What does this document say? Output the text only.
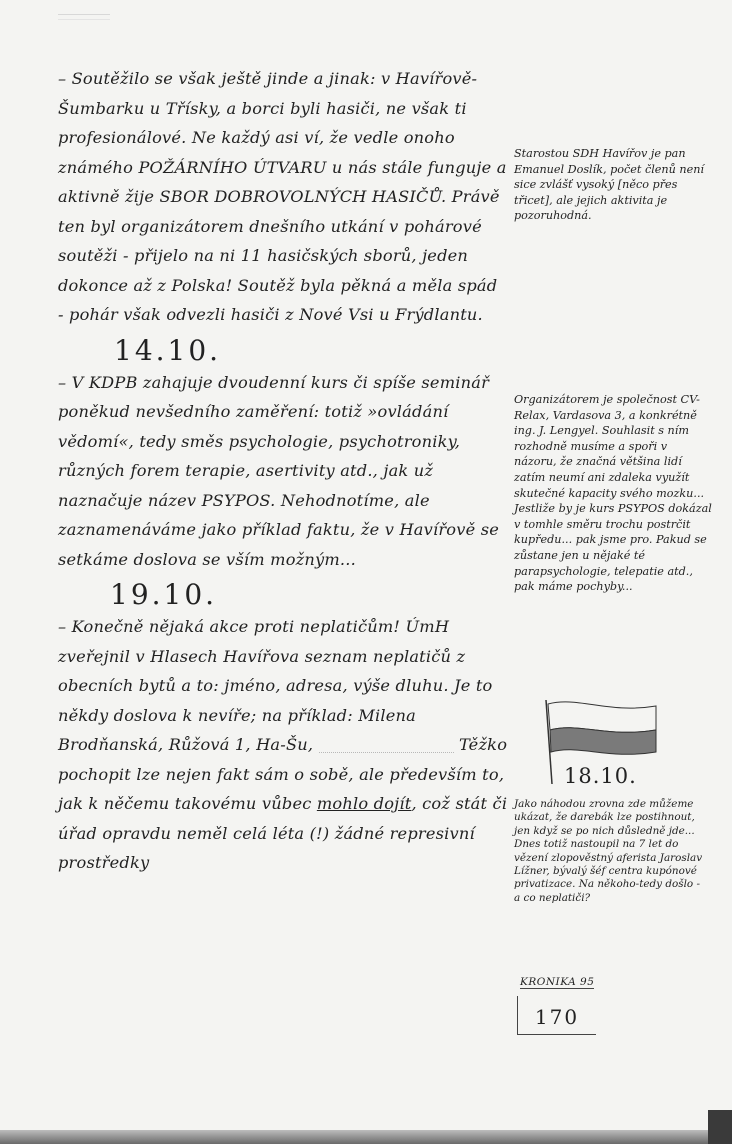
– Soutěžilo se však ještě jinde a jinak: v Havířově-Šumbarku u Třísky, a borci byli hasiči, ne však ti profesionálové. Ne každý asi ví, že vedle onoho známého POŽÁRNÍHO ÚTVARU u nás stále funguje a aktivně žije SBOR DOBROVOLNÝCH HASIČŮ. Právě ten byl organizátorem dnešního utkání v pohárové soutěži - přijelo na ni 11 hasičských sborů, jeden dokonce až z Polska! Soutěž byla pěkná a měla spád - pohár však odvezli hasiči z Nové Vsi u Frýdlantu.

14.10.

– V KDPB zahajuje dvoudenní kurs či spíše seminář poněkud nevšedního zaměření: totiž »ovládání vědomí«, tedy směs psychologie, psychotroniky, různých forem terapie, asertivity atd., jak už naznačuje název PSYPOS. Nehodnotíme, ale zaznamenáváme jako příklad faktu, že v Havířově se setkáme doslova se vším možným...

19.10.

– Konečně nějaká akce proti neplatičům! ÚmH zveřejnil v Hlasech Havířova seznam neplatičů z obecních bytů a to: jméno, adresa, výše dluhu. Je to někdy doslova k nevíře; na příklad: Milena Brodňanská, Růžová 1, Ha-Šu,	Těžko pochopit lze nejen fakt sám o sobě, ale především to, jak k něčemu takovému vůbec mohlo dojít, což stát či úřad opravdu neměl celá léta (!) žádné represivní prostředky

Starostou SDH Havířov je pan Emanuel Doslík, počet členů není sice zvlášť vysoký [něco přes třicet], ale jejich aktivita je pozoruhodná.

Organizátorem je společnost CV-Relax, Vardasova 3, a konkrétně ing. J. Lengyel. Souhlasit s ním rozhodně musíme a spoři v názoru, že značná většina lidí zatím neumí ani zdaleka využít skutečné kapacity svého mozku... Jestliže by je kurs PSYPOS dokázal v tomhle směru trochu postrčit kupředu... pak jsme pro. Pakud se zůstane jen u nějaké té parapsychologie, telepatie atd., pak máme pochyby...

18.10.

Jako náhodou zrovna zde můžeme ukázat, že darebák lze postihnout, jen když se po nich důsledně jde... Dnes totiž nastoupil na 7 let do vězení zlopověstný aferista Jaroslav Lížner, bývalý šéf centra kupónové privatizace. Na někoho-tedy došlo - a co neplatiči?

KRONIKA 95
170
